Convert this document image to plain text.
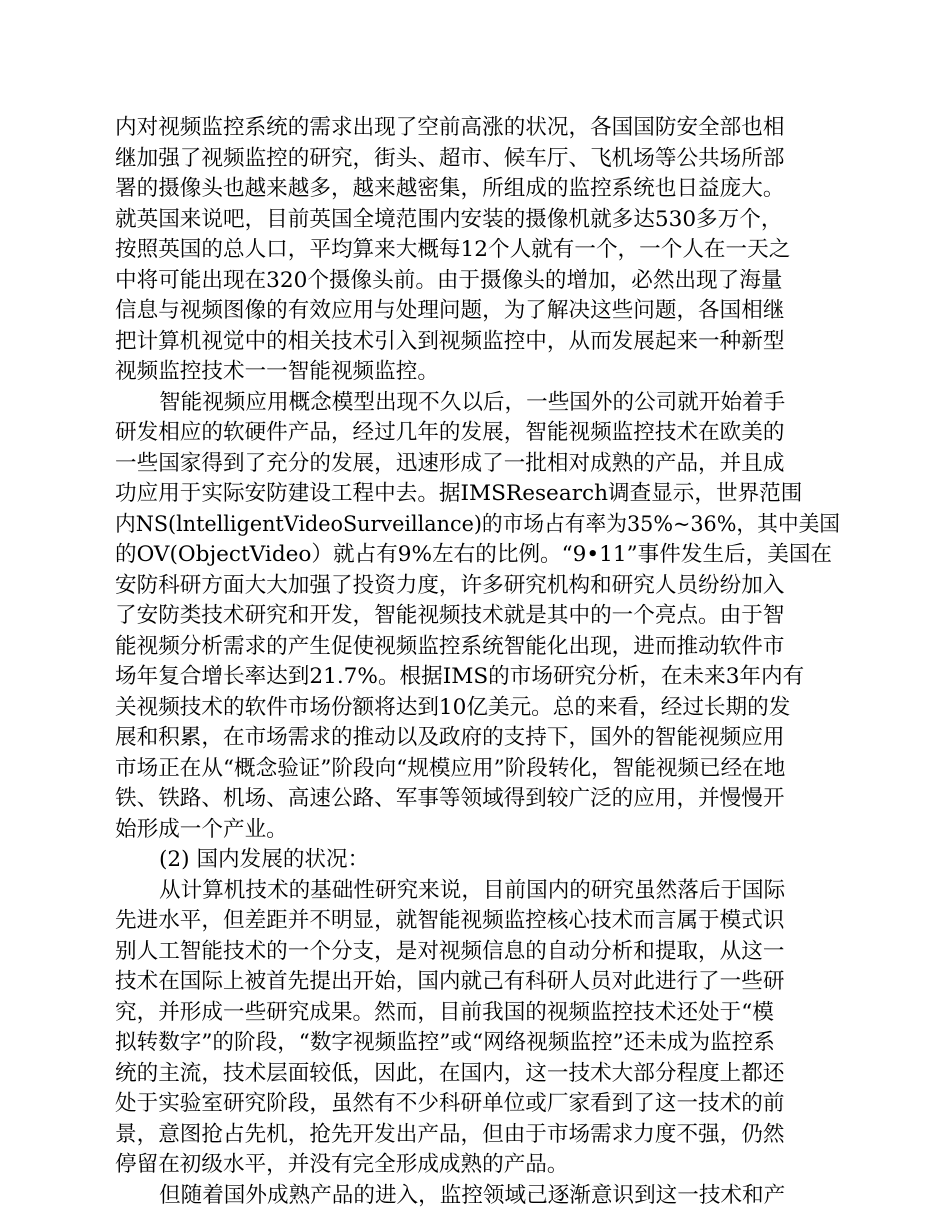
内对视频监控系统的需求出现了空前高涨的状况，各国国防安全部也相
继加强了视频监控的研究，街头、超市、候车厅、飞机场等公共场所部
署的摄像头也越来越多，越来越密集，所组成的监控系统也日益庞大。
就英国来说吧，目前英国全境范围内安装的摄像机就多达530多万个，
按照英国的总人口，平均算来大概每12个人就有一个，一个人在一天之
中将可能出现在320个摄像头前。由于摄像头的增加，必然出现了海量
信息与视频图像的有效应用与处理问题，为了解决这些问题，各国相继
把计算机视觉中的相关技术引入到视频监控中，从而发展起来一种新型
视频监控技术一一智能视频监控。
智能视频应用概念模型出现不久以后，一些国外的公司就开始着手
研发相应的软硬件产品，经过几年的发展，智能视频监控技术在欧美的
一些国家得到了充分的发展，迅速形成了一批相对成熟的产品，并且成
功应用于实际安防建设工程中去。据IMSResearch调查显示，世界范围
内NS(lntelligentVideoSurveillance)的市场占有率为35%~36%，其中美国
的OV(ObjectVideo）就占有9%左右的比例。“9•11”事件发生后，美国在
安防科研方面大大加强了投资力度，许多研究机构和研究人员纷纷加入
了安防类技术研究和开发，智能视频技术就是其中的一个亮点。由于智
能视频分析需求的产生促使视频监控系统智能化出现，进而推动软件市
场年复合增长率达到21.7%。根据IMS的市场研究分析，在未来3年内有
关视频技术的软件市场份额将达到10亿美元。总的来看，经过长期的发
展和积累，在市场需求的推动以及政府的支持下，国外的智能视频应用
市场正在从“概念验证”阶段向“规模应用”阶段转化，智能视频已经在地
铁、铁路、机场、高速公路、军事等领域得到较广泛的应用，并慢慢开
始形成一个产业。
(2) 国内发展的状况：
从计算机技术的基础性研究来说，目前国内的研究虽然落后于国际
先进水平，但差距并不明显，就智能视频监控核心技术而言属于模式识
别人工智能技术的一个分支，是对视频信息的自动分析和提取，从这一
技术在国际上被首先提出开始，国内就己有科研人员对此进行了一些研
究，并形成一些研究成果。然而，目前我国的视频监控技术还处于“模
拟转数字”的阶段，“数字视频监控”或“网络视频监控”还未成为监控系
统的主流，技术层面较低，因此，在国内，这一技术大部分程度上都还
处于实验室研究阶段，虽然有不少科研单位或厂家看到了这一技术的前
景，意图抢占先机，抢先开发出产品，但由于市场需求力度不强，仍然
停留在初级水平，并没有完全形成成熟的产品。
但随着国外成熟产品的进入，监控领域己逐渐意识到这一技术和产
